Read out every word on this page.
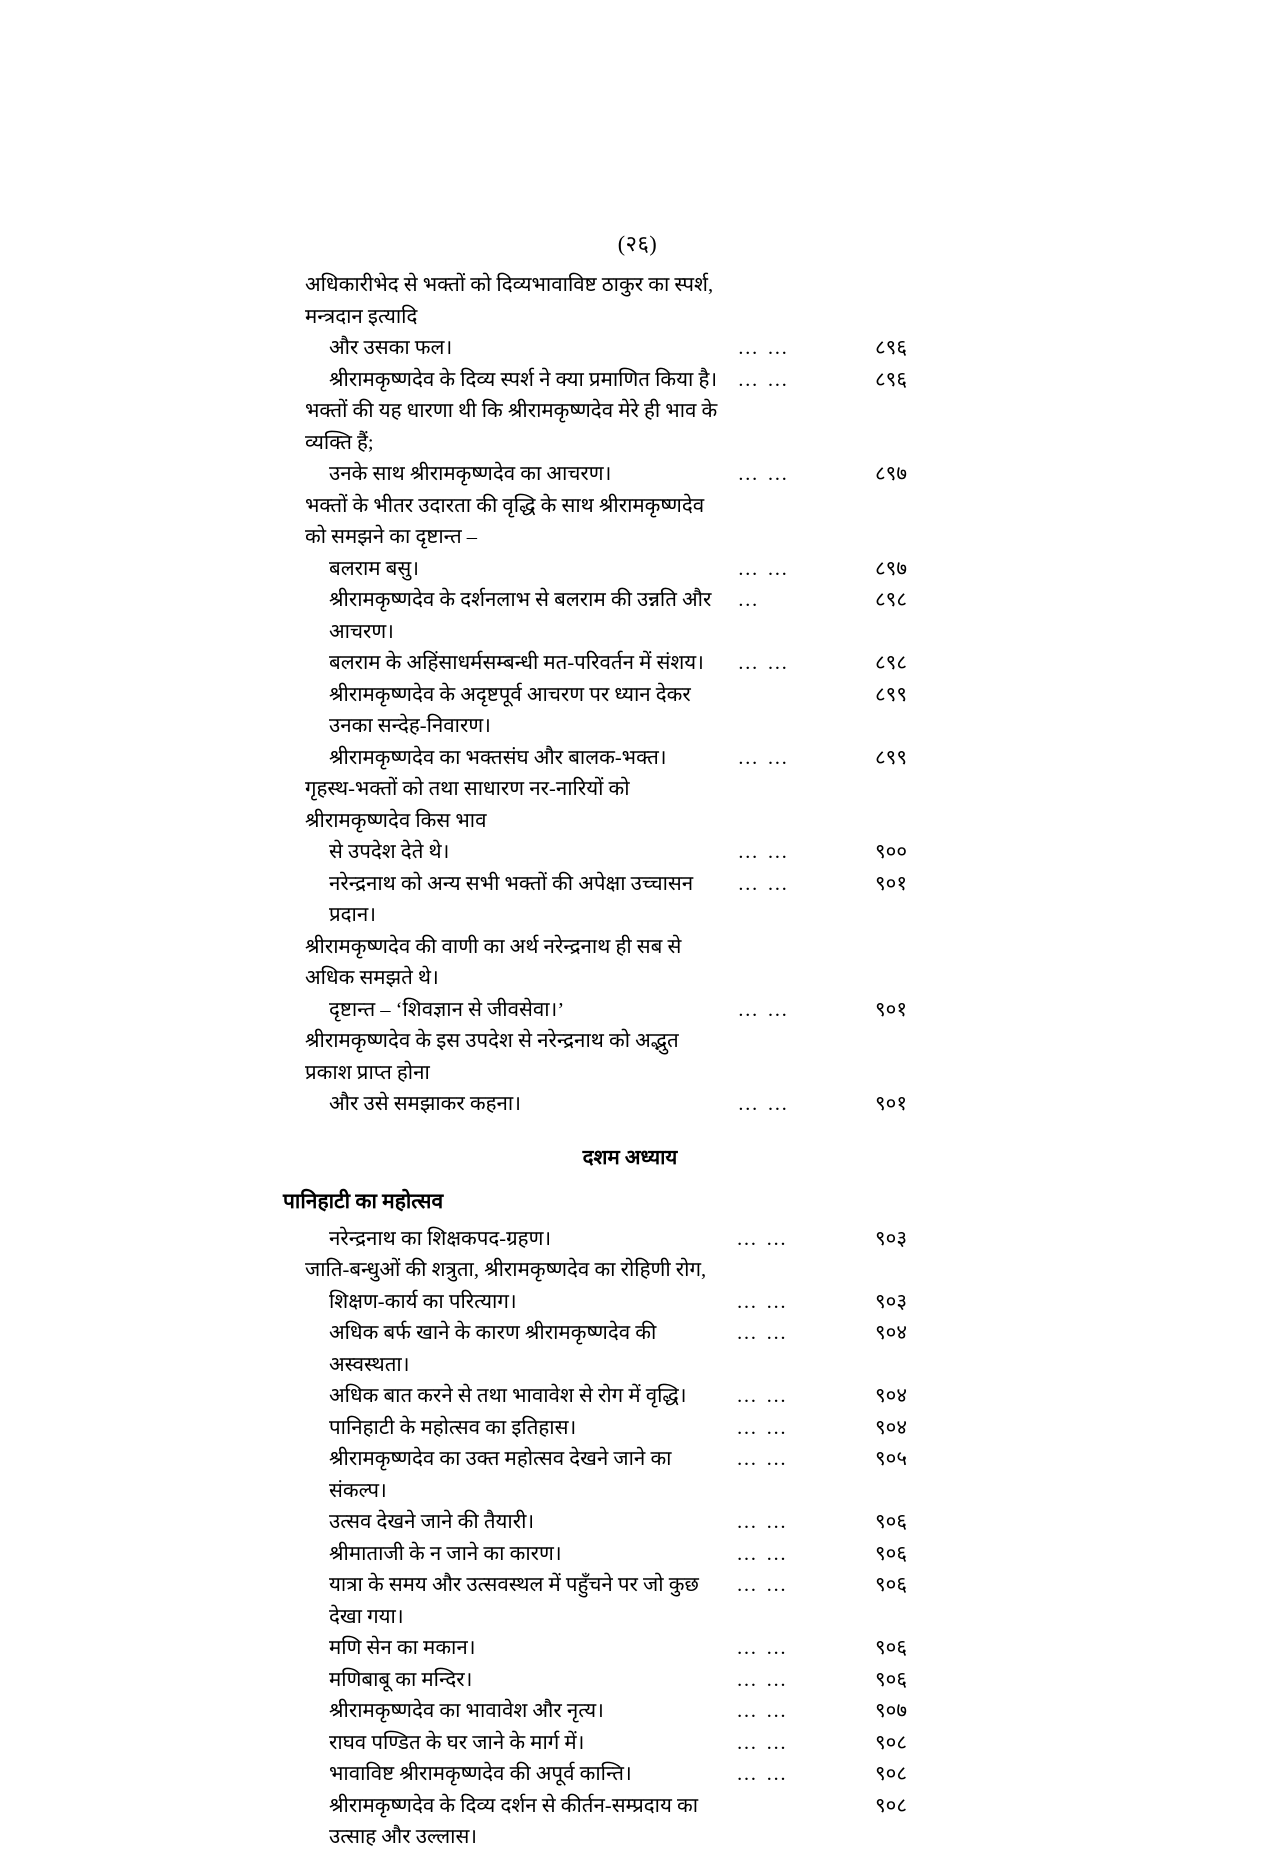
(२६)
अधिकारीभेद से भक्तों को दिव्यभावाविष्ट ठाकुर का स्पर्श, मन्त्रदान इत्यादि
और उसका फल।	… …	८९६

श्रीरामकृष्णदेव के दिव्य स्पर्श ने क्या प्रमाणित किया है।	… …	८९६

भक्तों की यह धारणा थी कि श्रीरामकृष्णदेव मेरे ही भाव के व्यक्ति हैं;
उनके साथ श्रीरामकृष्णदेव का आचरण।	… …	८९७

भक्तों के भीतर उदारता की वृद्धि के साथ श्रीरामकृष्णदेव को समझने का दृष्टान्त –
बलराम बसु।	… …	८९७

श्रीरामकृष्णदेव के दर्शनलाभ से बलराम की उन्नति और आचरण।	…	८९८

बलराम के अहिंसाधर्मसम्बन्धी मत-परिवर्तन में संशय।	… …	८९८

श्रीरामकृष्णदेव के अदृष्टपूर्व आचरण पर ध्यान देकर उनका सन्देह-निवारण।		८९९

श्रीरामकृष्णदेव का भक्तसंघ और बालक-भक्त।	… …	८९९

गृहस्थ-भक्तों को तथा साधारण नर-नारियों को श्रीरामकृष्णदेव किस भाव
से उपदेश देते थे।	… …	९००

नरेन्द्रनाथ को अन्य सभी भक्तों की अपेक्षा उच्चासन प्रदान।	… …	९०१

श्रीरामकृष्णदेव की वाणी का अर्थ नरेन्द्रनाथ ही सब से अधिक समझते थे।
दृष्टान्त – ‘शिवज्ञान से जीवसेवा।’	… …	९०१

श्रीरामकृष्णदेव के इस उपदेश से नरेन्द्रनाथ को अद्भुत प्रकाश प्राप्त होना
और उसे समझाकर कहना।	… …	९०१
दशम अध्याय

पानिहाटी का महोत्सव
नरेन्द्रनाथ का शिक्षकपद-ग्रहण।	… …	९०३

जाति-बन्धुओं की शत्रुता, श्रीरामकृष्णदेव का रोहिणी रोग,
शिक्षण-कार्य का परित्याग।	… …	९०३

अधिक बर्फ खाने के कारण श्रीरामकृष्णदेव की अस्वस्थता।	… …	९०४

अधिक बात करने से तथा भावावेश से रोग में वृद्धि।	… …	९०४

पानिहाटी के महोत्सव का इतिहास।	… …	९०४

श्रीरामकृष्णदेव का उक्त महोत्सव देखने जाने का संकल्प।	… …	९०५

उत्सव देखने जाने की तैयारी।	… …	९०६

श्रीमाताजी के न जाने का कारण।	… …	९०६

यात्रा के समय और उत्सवस्थल में पहुँचने पर जो कुछ देखा गया।	… …	९०६

मणि सेन का मकान।	… …	९०६

मणिबाबू का मन्दिर।	… …	९०६

श्रीरामकृष्णदेव का भावावेश और नृत्य।	… …	९०७

राघव पण्डित के घर जाने के मार्ग में।	… …	९०८

भावाविष्ट श्रीरामकृष्णदेव की अपूर्व कान्ति।	… …	९०८

श्रीरामकृष्णदेव के दिव्य दर्शन से कीर्तन-सम्प्रदाय का उत्साह और उल्लास।		९०८
